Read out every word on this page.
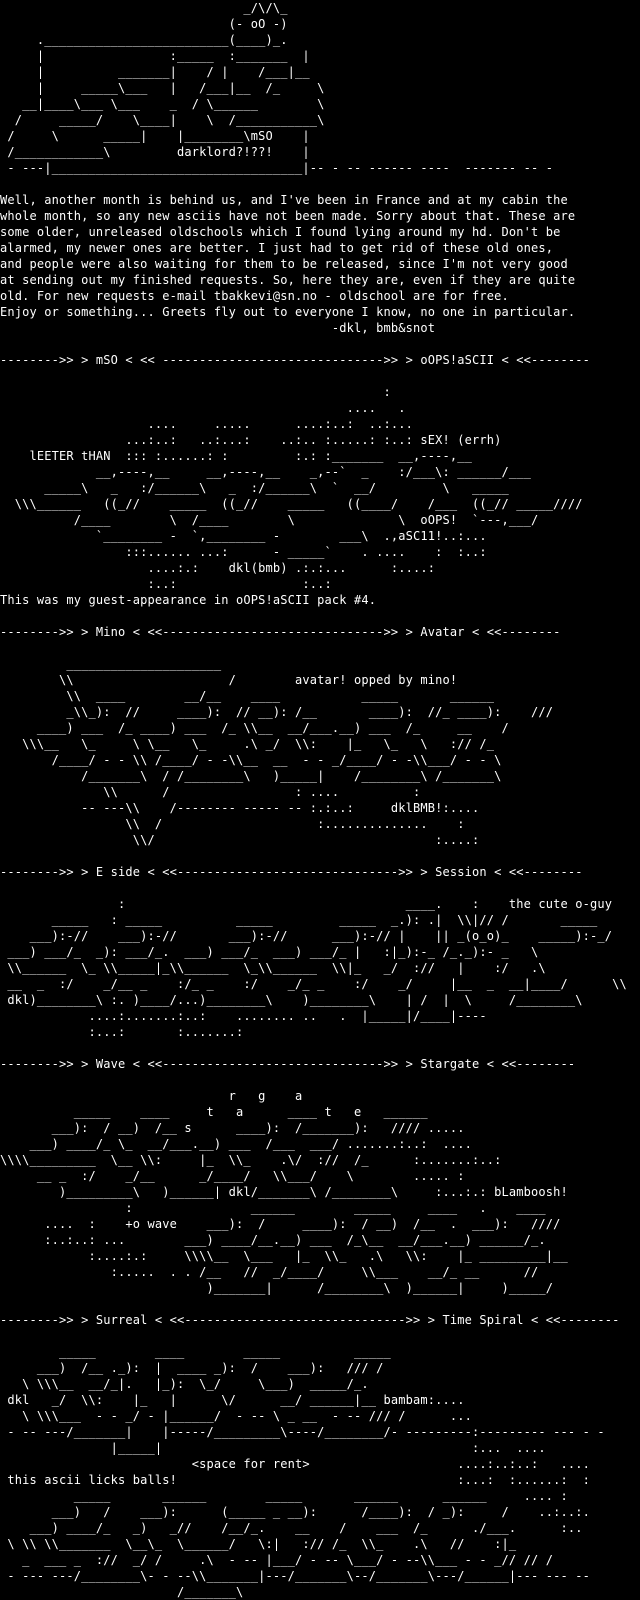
_/\/\_
(- oO -)
._________________________(____)_.
|                 :_____  :_______  |
|          _______|    / |    /___|__
|     _____\___   |   /___|__  /_     \
__|____\___ \___    _  / \______        \
/     _____/    \____|    \  /___________\
/     \      _____|    |________\mSO    |
/____________\         darklord?!??!    |
- ---|__________________________________|-- - -- ------ ----  ------- -- -

Well, another month is behind us, and I've been in France and at my cabin the
whole month, so any new asciis have not been made. Sorry about that. These are
some older, unreleased oldschools which I found lying around my hd. Don't be
alarmed, my newer ones are better. I just had to get rid of these old ones,
and people were also waiting for them to be released, since I'm not very good
at sending out my finished requests. So, here they are, even if they are quite
old. For new requests e-mail tbakkevi@sn.no - oldschool are for free.
Enjoy or something... Greets fly out to everyone I know, no one in particular.
-dkl, bmb&snot

-------->> > mSO < << ------------------------------>> > oOPS!aSCII < <<--------

:
....   .
....     .....      ....:..:  ..:...
...:..:   ..:...:    ..:.. :.....: :..: sEX! (errh)
lEETER tHAN  ::: :......: :         :.: :_______  __,----,__
__,----,__     __,----,__    _,--`  _    :/___\: ______/___
_____\   _   :/______\   _  :/______\  `  __/         \   _____
\\\______   ((_//    _____  ((_//    _____   ((____/    /___  ((_// _____////
/____        \  /____        \              \  oOPS!  `---,___/
`________ -  `,________ -        ___\  .,aSC11!..:...
:::...... ...:      - _____`    . ....    :  :..:
....:.:    dkl(bmb) .:.:...      :....:
:..:                 :..:
This was my guest-appearance in oOPS!aSCII pack #4.

-------->> > Mino < <<------------------------------>> > Avatar < <<--------

_____________________
\\                     /        avatar! opped by mino!
\\  ____        __/__    ____           _____       ______
_\\_):  //     ____):  // __): /__       ____):  //_ ____):    ///
____) ___  /_ ____) ___  /_ \\__  __/___.__) ___  /_     __    /
\\\__   \_     \ \__   \_     .\ _/  \\:    |_   \_   \   :// /_
/____/ - - \\ /____/ - -\\__  __  - - _/____/ - -\\___/ - - \
/_______\  / /________\   )_____|    /________\ /_______\
\\      /                 : ....          :
-- ---\\    /-------- ----- -- :.:..:     dklBMB!:....
\\  /                     :..............    :
\\/                                      :....:

-------->> > E side < <<------------------------------>> > Session < <<--------

:                                      ____.    :    the cute o-guy
_____   : _____          _____         _____  _.): .|  \\|// /       _____
___):-//    ___):-//       ___):-//      ___):-// |    || _(o_o)_    _____):-_/
___) ___/_  _): ___/_.  ___) ___/_  ___) ___/_ |   :|_):-_ /_._):- _   \
\\______  \_ \\_____|_\\______  \_\\______  \\|_   _/  ://   |    :/   .\
__  _  :/    _/__ _    :/_ _    :/    _/_ _    :/    _/     |__  _  __|____/      \\
dkl)________\ :. )____/...)________\    )________\    | /  |  \     /________\
....:.......:..:    ........ ..   .  |_____|/____|----
:...:       :.......:

-------->> > Wave < <<------------------------------>> > Stargate < <<--------

r   g    a
_____    ____     t   a      ____ t   e   ______
___):  / __)  /__ s      ____):  /_______):   //// .....
___) ____/_ \_  __/___.__) ___  /___  ___/ .......:..:  ....
\\\\_________  \__ \\:     |_  \\_    .\/  ://  /_      :.......:..:
__ _  :/    _/__      _/____/   \\___/    \        ..... :
)_________\   )______| dkl/_______\ /________\     :...:.: bLamboosh!
:                ______        _____     ____   .    ____
....  :    +o wave    ___):  /     ____):  / __)  /__  .  ___):   ////
:..:..: ...        ___) ____/__.__) ___  /_\__  __/___.__) ______/_.
:....:.:     \\\\__  \___   |_  \\_   .\   \\:    |_ _________|__
:.....  . . /__   //  _/____/     \\___    __/_ __      //
)_______|      /________\  )______|     )_____/

-------->> > Surreal < <<------------------------------>> > Time Spiral < <<--------

_____        ____        _____          _____
___)  /__ ._):  |  ____ _):  /    ___):   /// /
\ \\\__  __/_|.   |_):  \_/     \___)  _____/_.
dkl   _/  \\:    |_   |      \/      __/ ______|__ bambam:....
\ \\\___  - - _/ - |______/  - -- \ _ __  - -- /// /      ...
- -- ---/_______|    |-----/_________\----/________/- ---------:--------- --- - -
|_____|                                          :...  ....
<space for rent>                    ....:..:..:   ....
this ascii licks balls!                                      :...:  :......:  :
_____       ______        _____       ______      ______     .... :
___)   /    ___):      (_____ _ __):      /____):  / _):     /    ..:..:.
___) ____/_   _)   _//    /__/_.    __    /    ___  /_      ./___.      :..
\ \\ \\_______  \__\_  \______/   \:|   :// /_  \\_    .\   //    :|_
_  ___ _  ://  _/ /     .\  - -- |___/ - -- \___/ - --\\___ - - _// // /
- --- ---/________\- - --\\_______|---/_______\--/_______\---/______|--- --- --
/_______\
